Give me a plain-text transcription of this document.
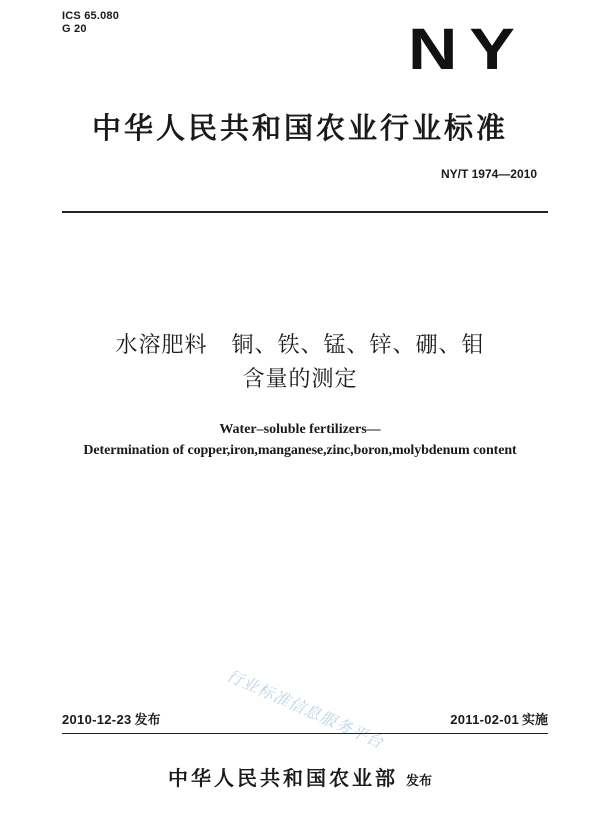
ICS 65.080
G 20	NY
中华人民共和国农业行业标准
NY/T 1974—2010
水溶肥料   铜、铁、锰、锌、硼、钼
含量的测定
Water–soluble fertilizers—
Determination of copper,iron,manganese,zinc,boron,molybdenum content
行业标准信息服务平台
2010-12-23 发布	2011-02-01 实施
中华人民共和国农业部 发布
